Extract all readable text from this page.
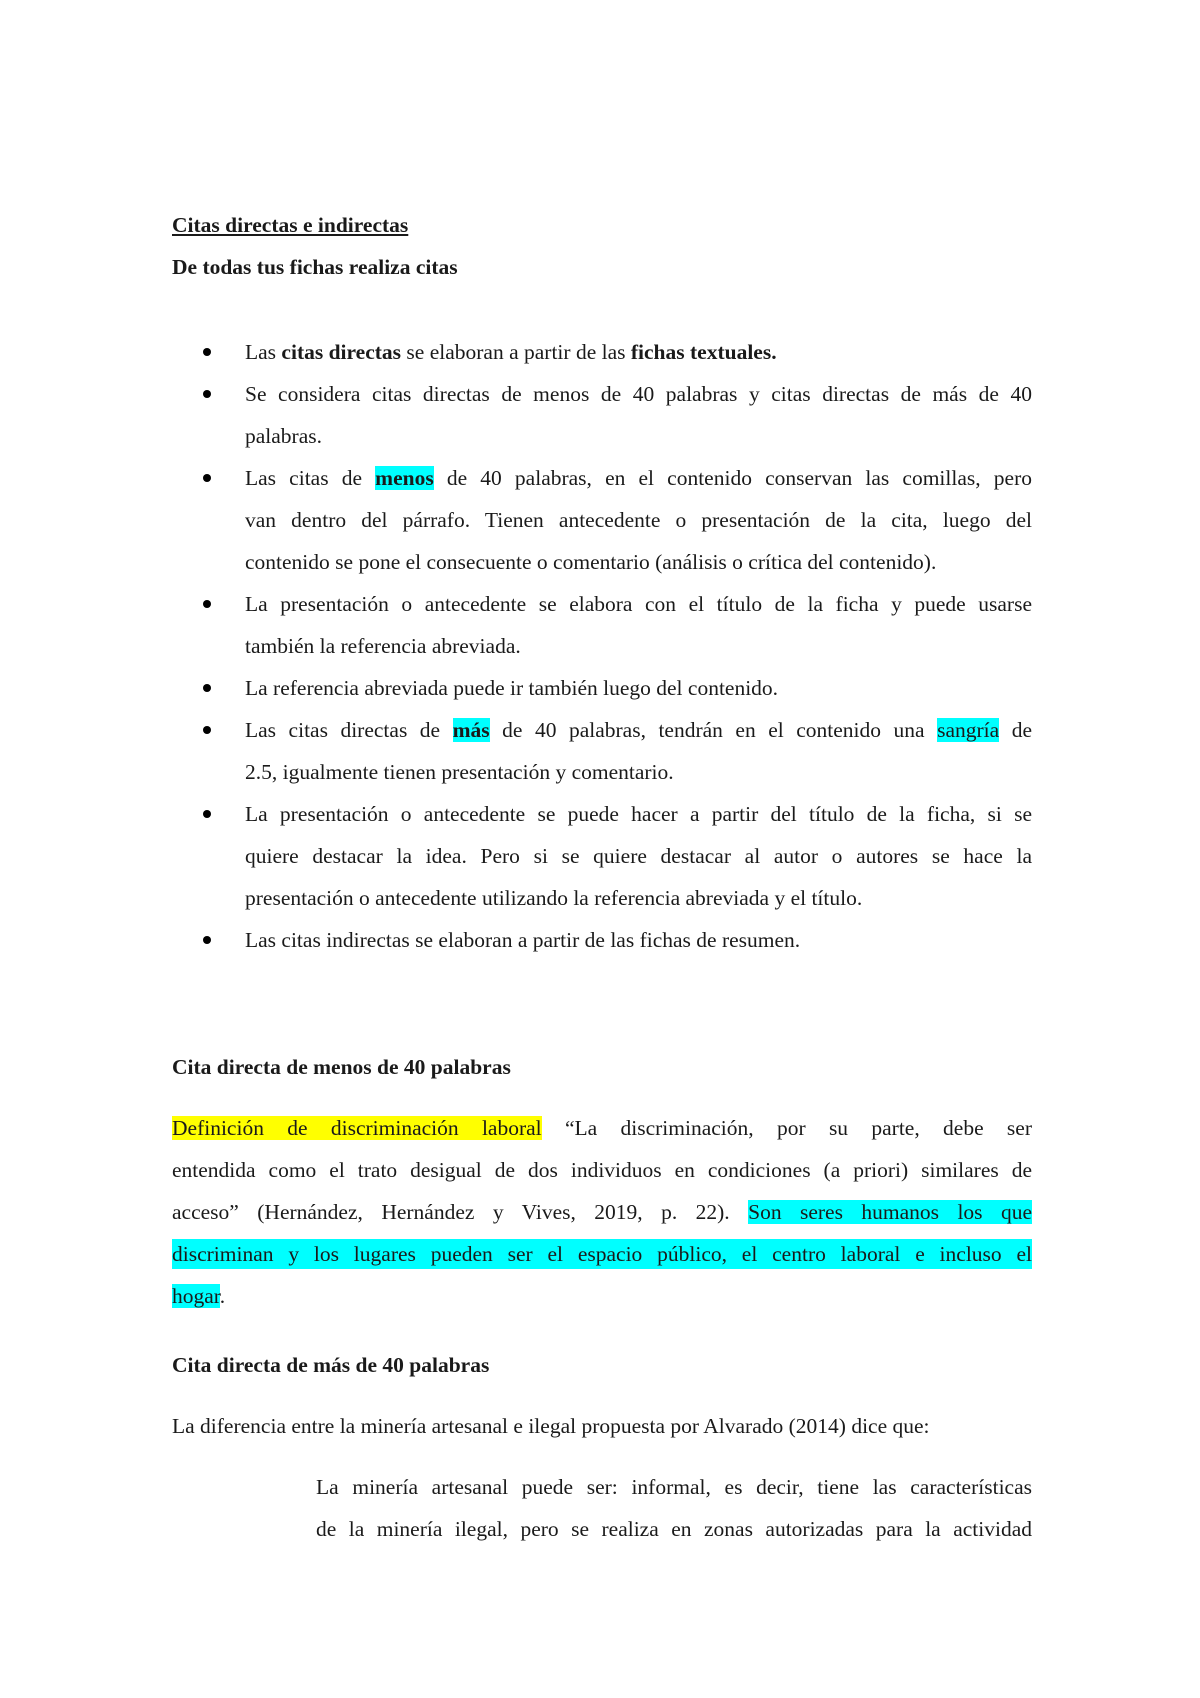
Citas directas e indirectas
De todas tus fichas realiza citas
Las citas directas se elaboran a partir de las fichas textuales.
Se considera citas directas de menos de 40 palabras y citas directas de más de 40
palabras.
Las citas de menos de 40 palabras, en el contenido conservan las comillas, pero
van dentro del párrafo. Tienen antecedente o presentación de la cita, luego del
contenido se pone el consecuente o comentario (análisis o crítica del contenido).
La presentación o antecedente se elabora con el título de la ficha y puede usarse
también la referencia abreviada.
La referencia abreviada puede ir también luego del contenido.
Las citas directas de más de 40 palabras, tendrán en el contenido una sangría de
2.5, igualmente tienen presentación y comentario.
La presentación o antecedente se puede hacer a partir del título de la ficha, si se
quiere destacar la idea. Pero si se quiere destacar al autor o autores se hace la
presentación o antecedente utilizando la referencia abreviada y el título.
Las citas indirectas se elaboran a partir de las fichas de resumen.
Cita directa de menos de 40 palabras
Definición de discriminación laboral “La discriminación, por su parte, debe ser
entendida como el trato desigual de dos individuos en condiciones (a priori) similares de
acceso” (Hernández, Hernández y Vives, 2019, p. 22). Son seres humanos los que
discriminan y los lugares pueden ser el espacio público, el centro laboral e incluso el
hogar.
Cita directa de más de 40 palabras
La diferencia entre la minería artesanal e ilegal propuesta por Alvarado (2014) dice que:
La minería artesanal puede ser: informal, es decir, tiene las características
de la minería ilegal, pero se realiza en zonas autorizadas para la actividad
